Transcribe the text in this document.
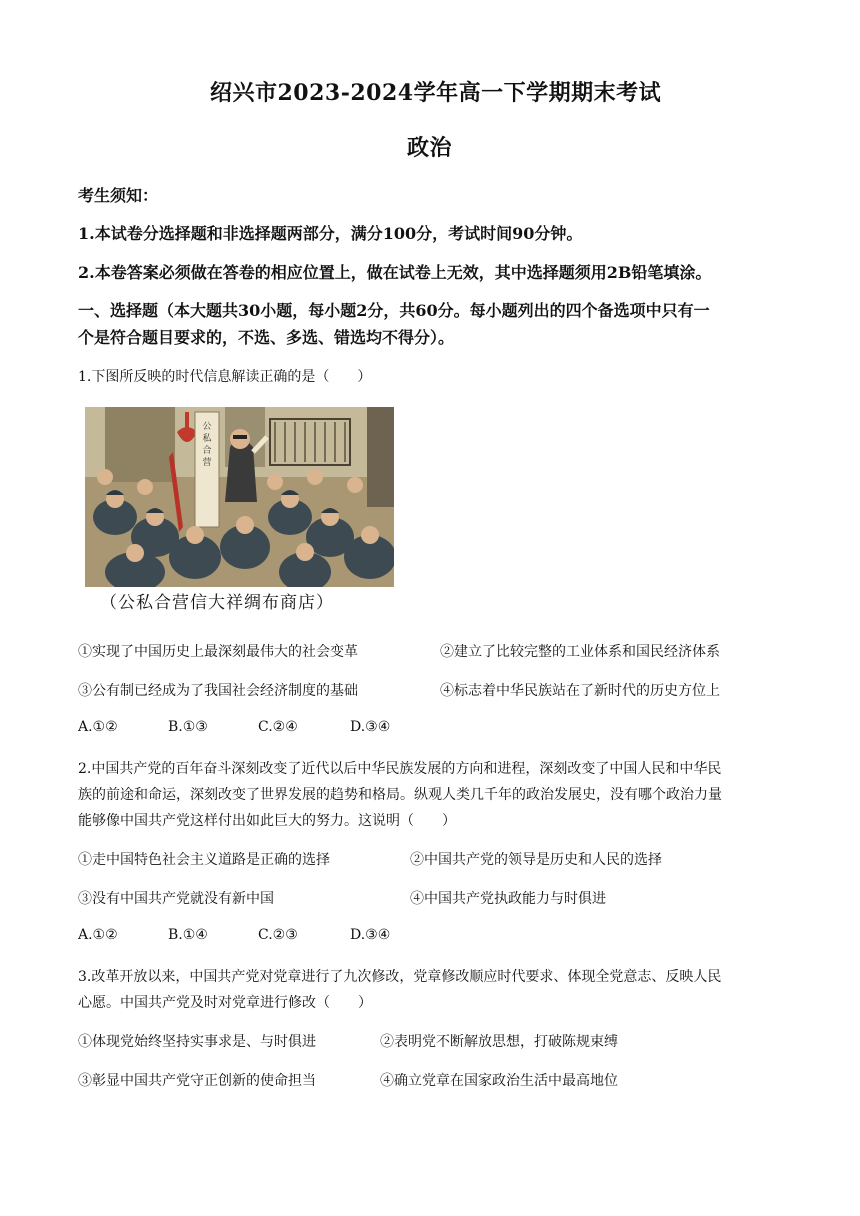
绍兴市2023-2024学年高一下学期期末考试
政治
考生须知：
1.本试卷分选择题和非选择题两部分，满分100分，考试时间90分钟。
2.本卷答案必须做在答卷的相应位置上，做在试卷上无效，其中选择题须用2B铅笔填涂。
一、选择题（本大题共30小题，每小题2分，共60分。每小题列出的四个备选项中只有一
个是符合题目要求的，不选、多选、错选均不得分）。
1.下图所反映的时代信息解读正确的是（　　）
公
私
合
营
（公私合营信大祥绸布商店）
①实现了中国历史上最深刻最伟大的社会变革	②建立了比较完整的工业体系和国民经济体系
③公有制已经成为了我国社会经济制度的基础	④标志着中华民族站在了新时代的历史方位上
A.①②	B.①③	C.②④	D.③④
2.中国共产党的百年奋斗深刻改变了近代以后中华民族发展的方向和进程，深刻改变了中国人民和中华民
族的前途和命运，深刻改变了世界发展的趋势和格局。纵观人类几千年的政治发展史，没有哪个政治力量
能够像中国共产党这样付出如此巨大的努力。这说明（　　）
①走中国特色社会主义道路是正确的选择	②中国共产党的领导是历史和人民的选择
③没有中国共产党就没有新中国	④中国共产党执政能力与时俱进
A.①②	B.①④	C.②③	D.③④
3.改革开放以来，中国共产党对党章进行了九次修改，党章修改顺应时代要求、体现全党意志、反映人民
心愿。中国共产党及时对党章进行修改（　　）
①体现党始终坚持实事求是、与时俱进	②表明党不断解放思想，打破陈规束缚
③彰显中国共产党守正创新的使命担当	④确立党章在国家政治生活中最高地位
